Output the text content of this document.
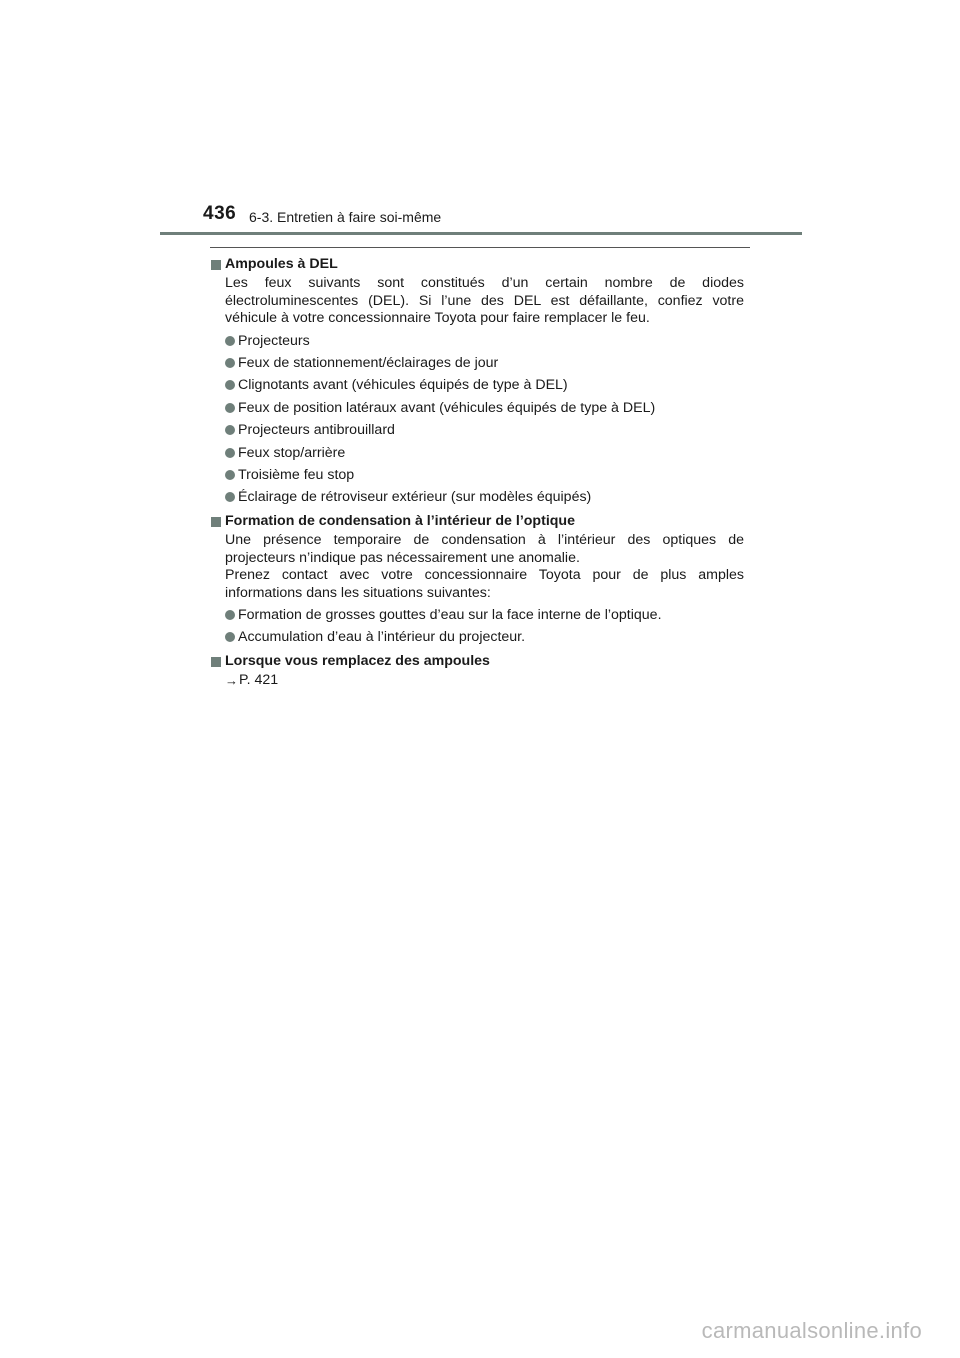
436 6-3. Entretien à faire soi-même
Ampoules à DEL
Les feux suivants sont constitués d’un certain nombre de diodes
électroluminescentes (DEL). Si l’une des DEL est défaillante, confiez votre
véhicule à votre concessionnaire Toyota pour faire remplacer le feu.
Projecteurs
Feux de stationnement/éclairages de jour
Clignotants avant (véhicules équipés de type à DEL)
Feux de position latéraux avant (véhicules équipés de type à DEL)
Projecteurs antibrouillard
Feux stop/arrière
Troisième feu stop
Éclairage de rétroviseur extérieur (sur modèles équipés)
Formation de condensation à l’intérieur de l’optique
Une présence temporaire de condensation à l’intérieur des optiques de
projecteurs n’indique pas nécessairement une anomalie.
Prenez contact avec votre concessionnaire Toyota pour de plus amples
informations dans les situations suivantes:
Formation de grosses gouttes d’eau sur la face interne de l’optique.
Accumulation d’eau à l’intérieur du projecteur.
Lorsque vous remplacez des ampoules
→ P. 421
carmanualsonline.info
